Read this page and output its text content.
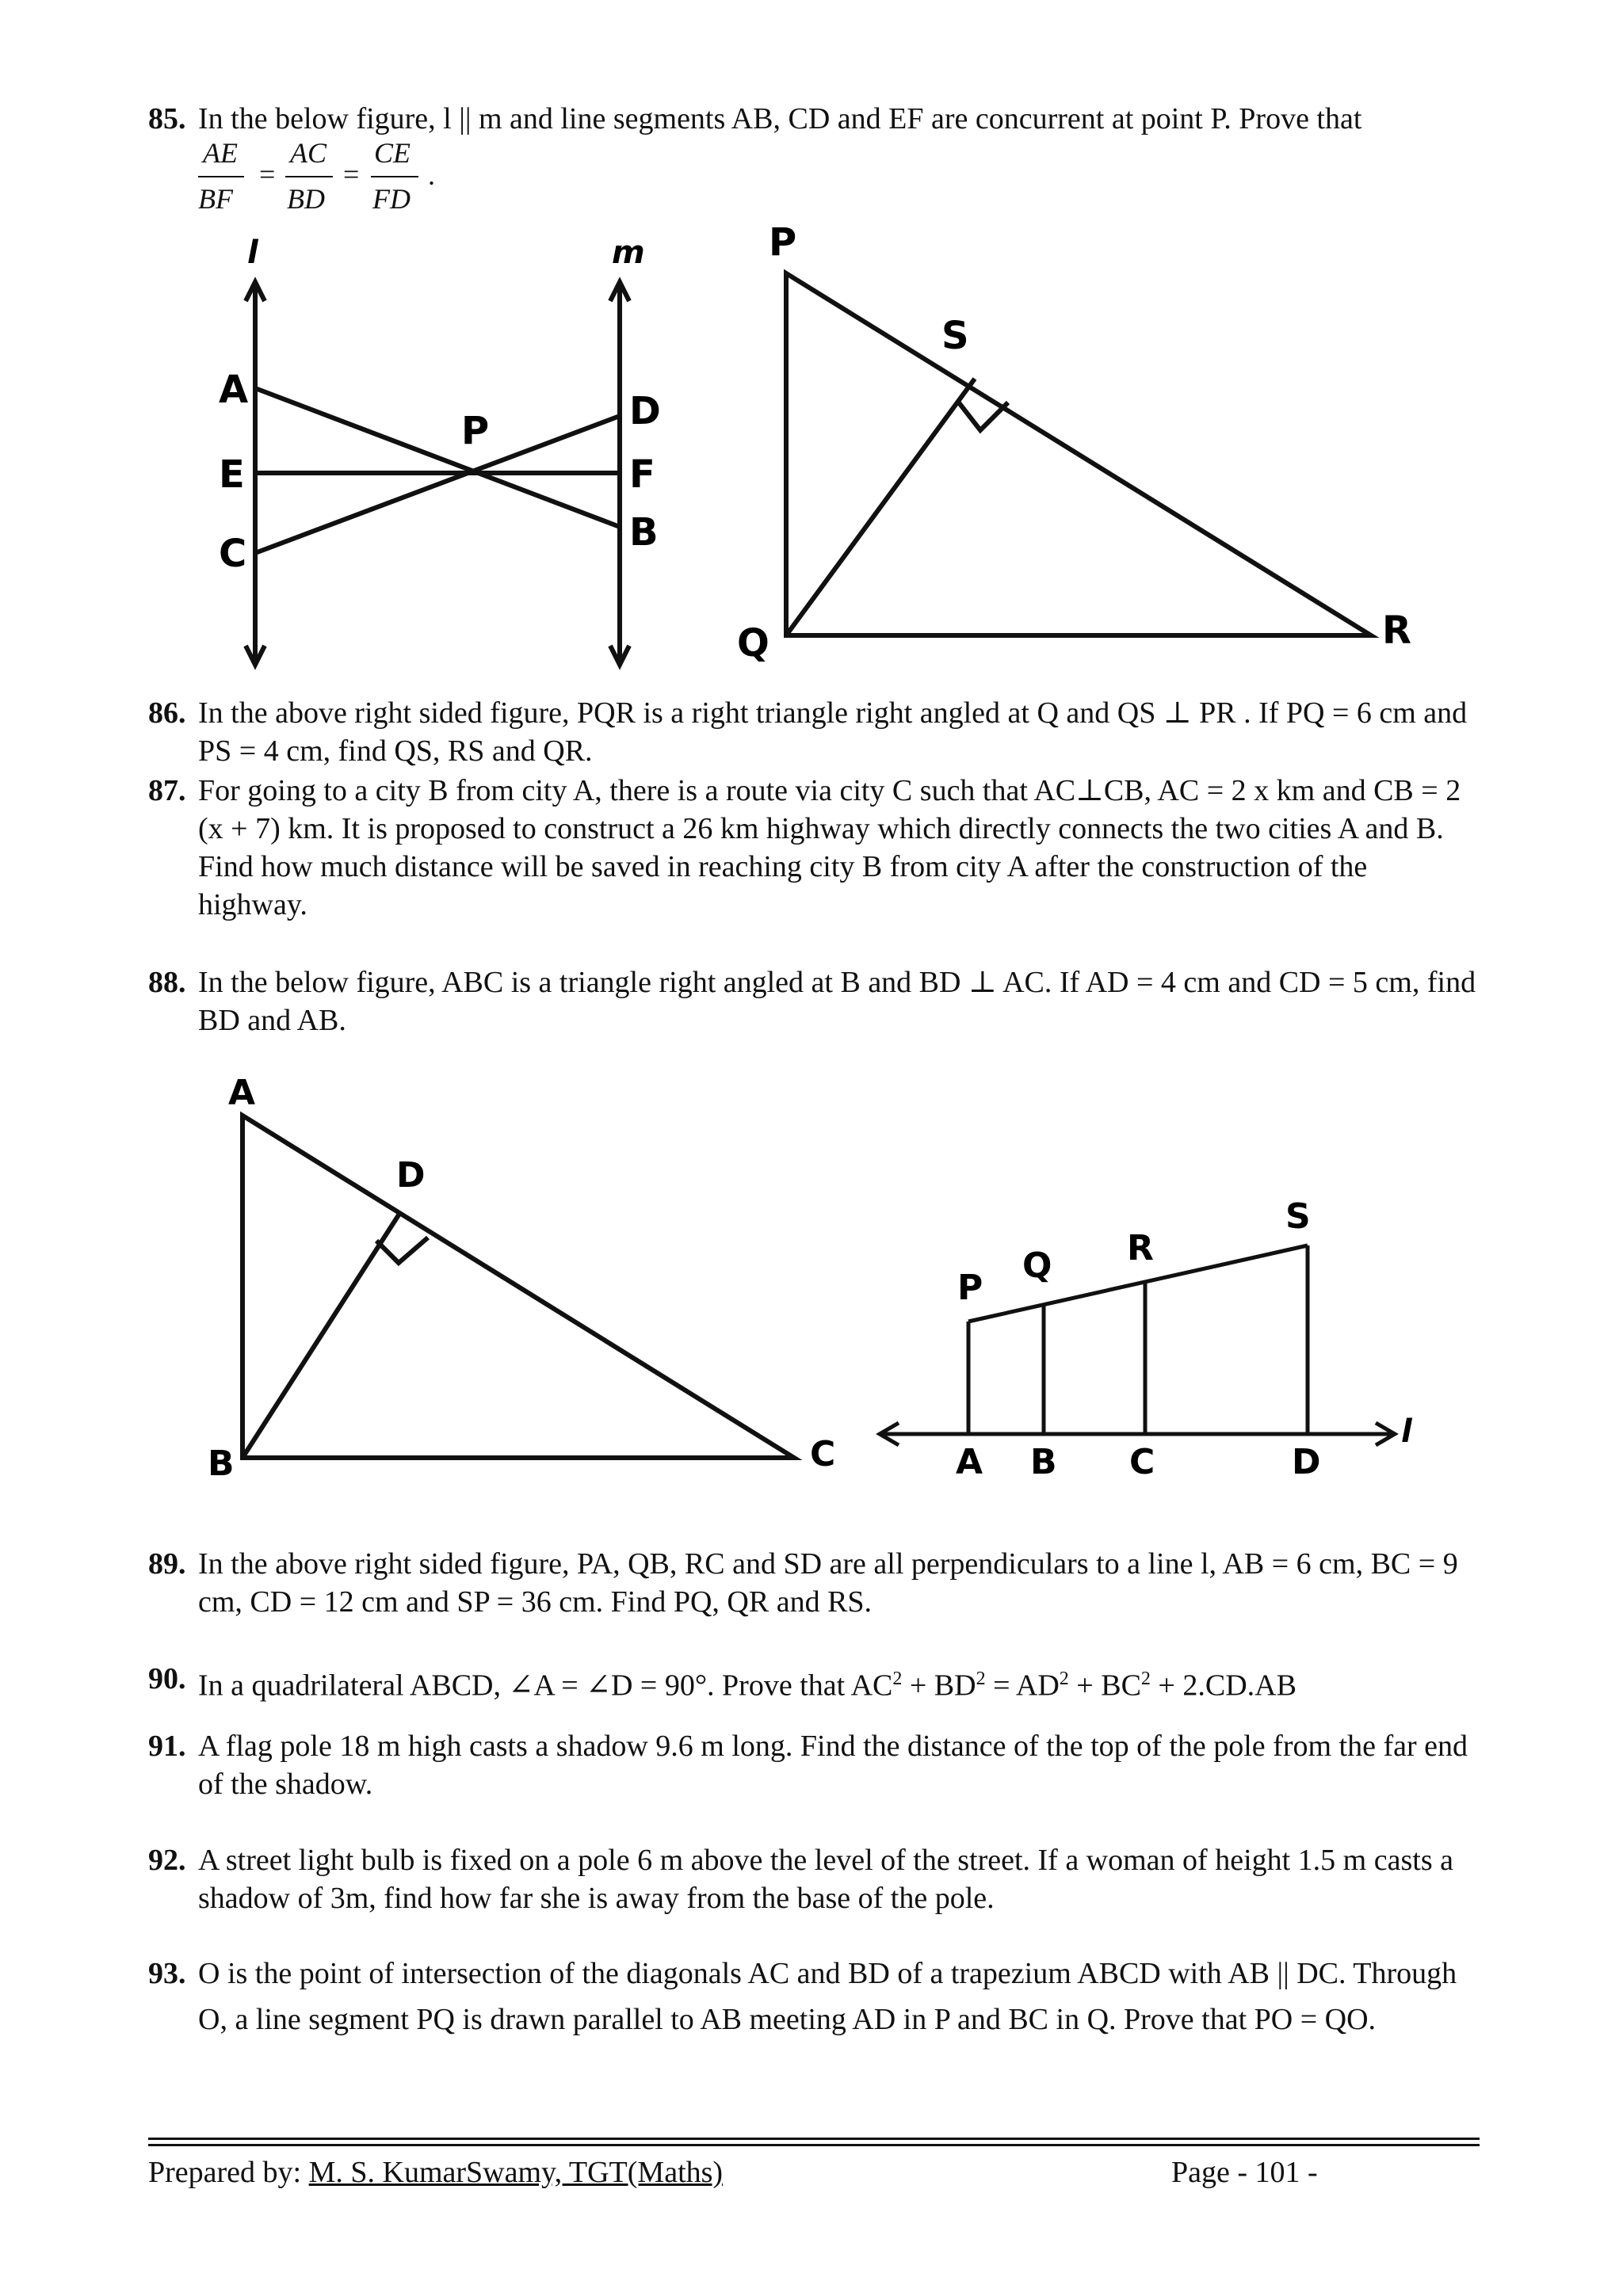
85. In the below figure, l || m and line segments AB, CD and EF are concurrent at point P. Prove that
AE
BF
=
AC
BD
=
CE
FD
.
l	m
A
E
C
P	D
F
B
P
S
Q	R
86. In the above right sided figure, PQR is a right triangle right angled at Q and QS ⊥ PR . If PQ = 6 cm and PS = 4 cm, find QS, RS and QR.
87. For going to a city B from city A, there is a route via city C such that AC⊥CB, AC = 2 x km and CB = 2 (x + 7) km. It is proposed to construct a 26 km highway which directly connects the two cities A and B. Find how much distance will be saved in reaching city B from city A after the construction of the highway.
88. In the below figure, ABC is a triangle right angled at B and BD ⊥ AC. If AD = 4 cm and CD = 5 cm, find BD and AB.
A
D
B	C
P
Q R
S
A B C	D
l
89. In the above right sided figure, PA, QB, RC and SD are all perpendiculars to a line l, AB = 6 cm, BC = 9 cm, CD = 12 cm and SP = 36 cm. Find PQ, QR and RS.
90. In a quadrilateral ABCD, ∠A = ∠D = 90°. Prove that $AC^2 + BD^2 = AD^2 + BC^2 + 2.CD.AB$
91. A flag pole 18 m high casts a shadow 9.6 m long. Find the distance of the top of the pole from the far end of the shadow.
92. A street light bulb is fixed on a pole 6 m above the level of the street. If a woman of height 1.5 m casts a shadow of 3m, find how far she is away from the base of the pole.
93. O is the point of intersection of the diagonals AC and BD of a trapezium ABCD with AB || DC. Through O, a line segment PQ is drawn parallel to AB meeting AD in P and BC in Q. Prove that PO = QO.
Prepared by: M. S. KumarSwamy, TGT(Maths)	Page - 101 -
